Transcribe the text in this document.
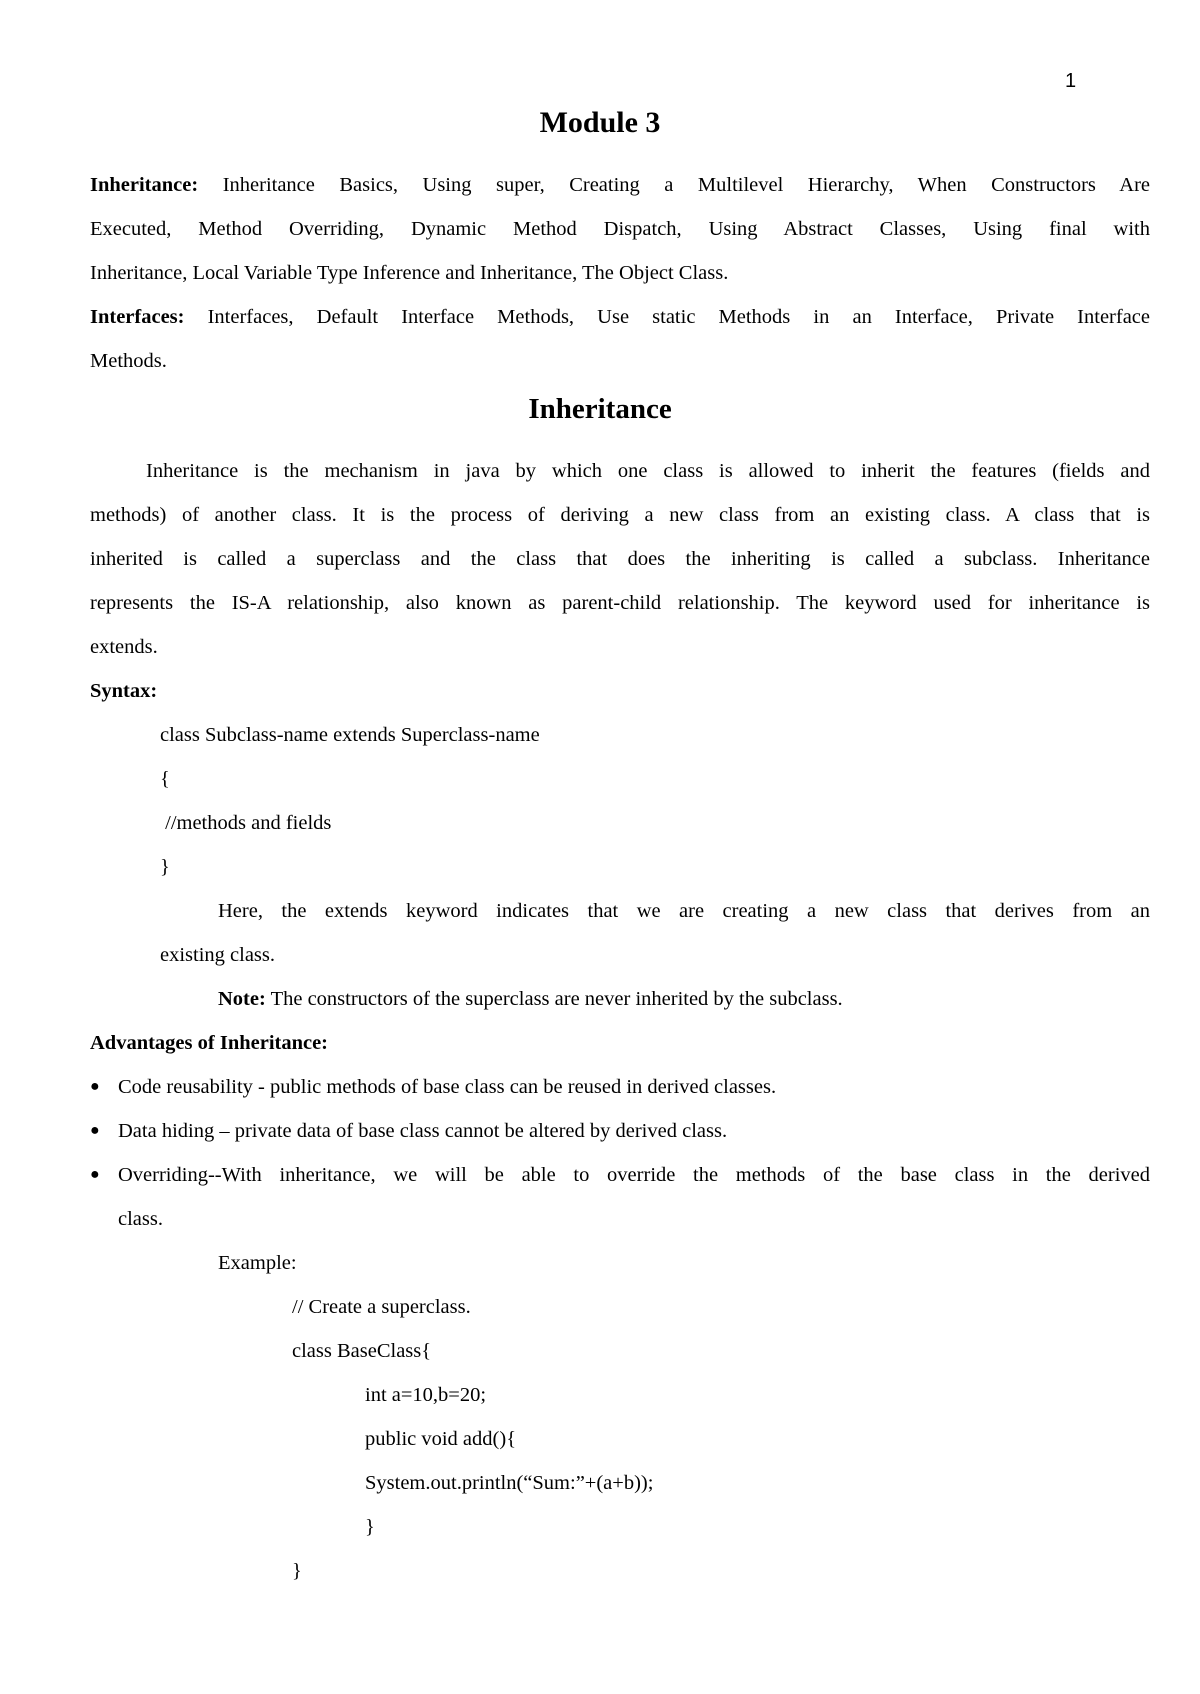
1
Module 3
Inheritance: Inheritance Basics, Using super, Creating a Multilevel Hierarchy, When Constructors Are
Executed, Method Overriding, Dynamic Method Dispatch, Using Abstract Classes, Using final with
Inheritance, Local Variable Type Inference and Inheritance, The Object Class.
Interfaces: Interfaces, Default Interface Methods, Use static Methods in an Interface, Private Interface
Methods.
Inheritance
Inheritance is the mechanism in java by which one class is allowed to inherit the features (fields and
methods) of another class. It is the process of deriving a new class from an existing class. A class that is
inherited is called a superclass and the class that does the inheriting is called a subclass. Inheritance
represents the IS-A relationship, also known as parent-child relationship. The keyword used for inheritance is
extends.
Syntax:
class Subclass-name extends Superclass-name
{
//methods and fields
}
Here, the extends keyword indicates that we are creating a new class that derives from an
existing class.
Note: The constructors of the superclass are never inherited by the subclass.
Advantages of Inheritance:
● Code reusability - public methods of base class can be reused in derived classes.
● Data hiding – private data of base class cannot be altered by derived class.
● Overriding--With inheritance, we will be able to override the methods of the base class in the derived
class.
Example:
// Create a superclass.
class BaseClass{
int a=10,b=20;
public void add(){
System.out.println(“Sum:”+(a+b));
}
}
